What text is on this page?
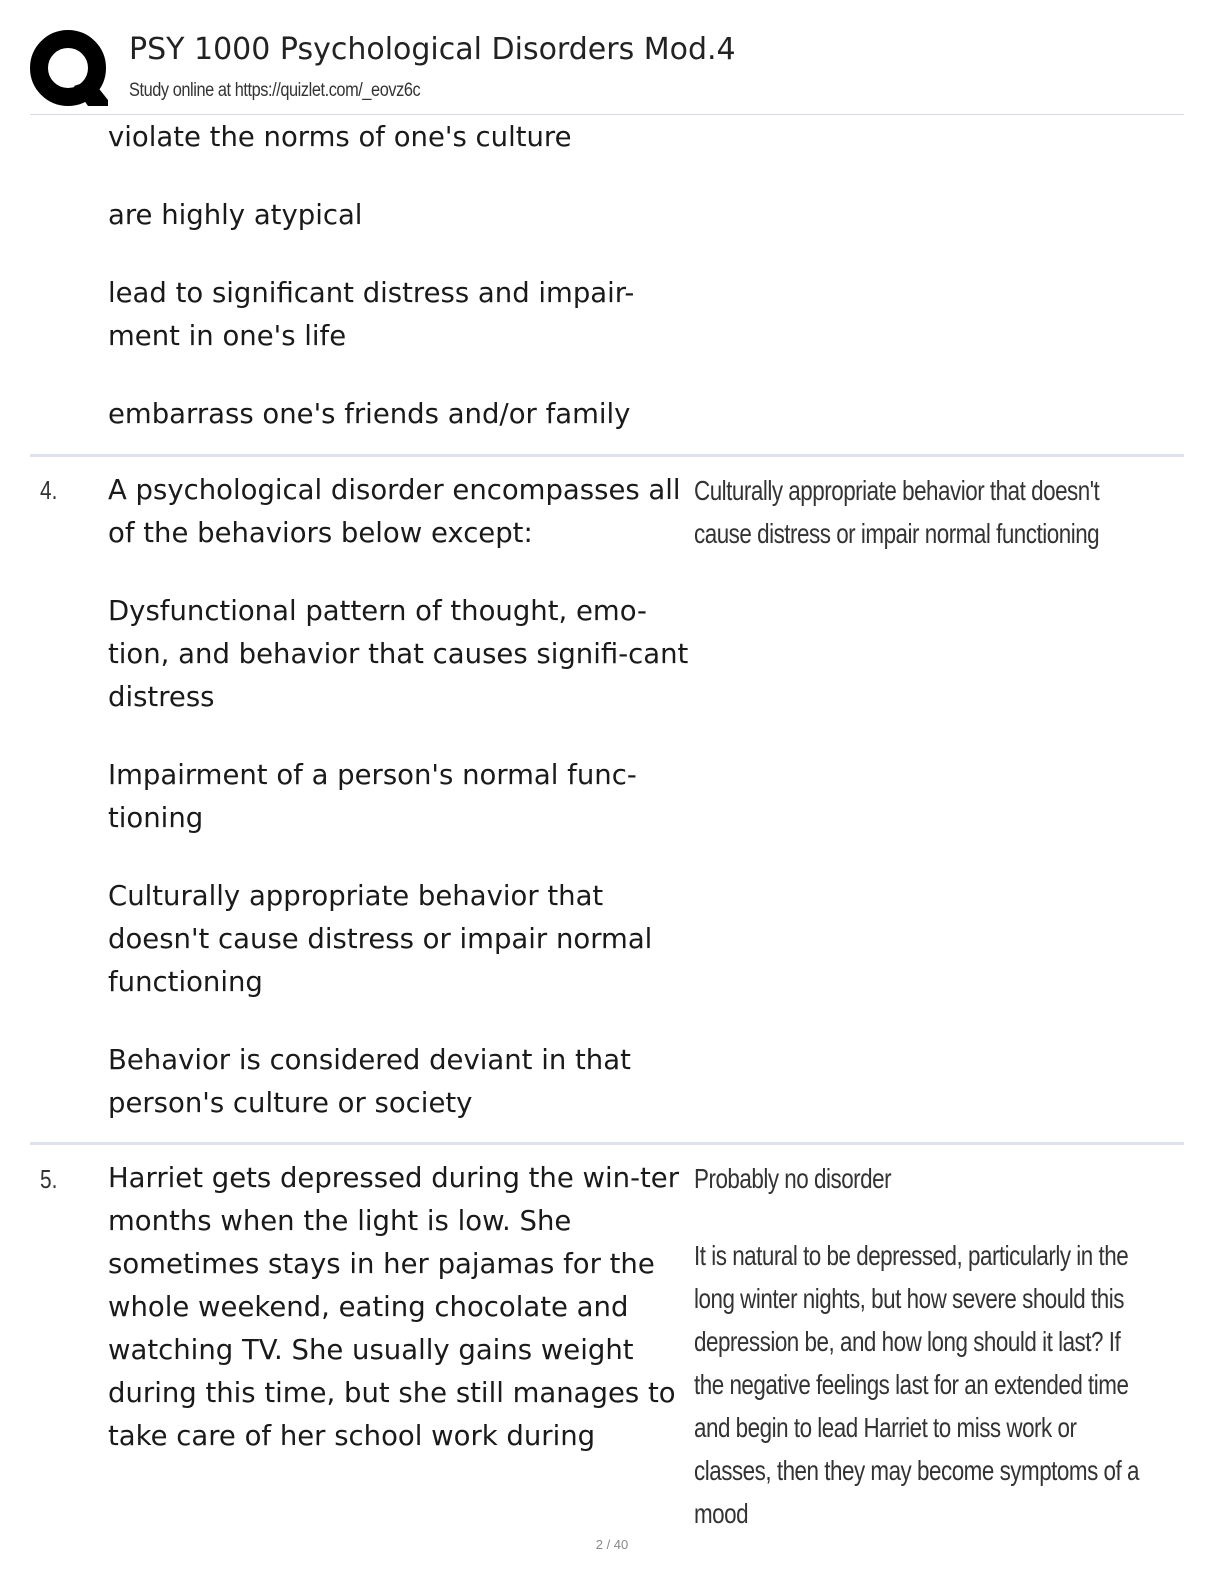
PSY 1000 Psychological Disorders Mod.4
Study online at https://quizlet.com/_eovz6c

violate the norms of one's culture

are highly atypical

lead to significant distress and impair-ment in one's life

embarrass one's friends and/or family

4. A psychological disorder encompasses all of the behaviors below except:

Dysfunctional pattern of thought, emo-tion, and behavior that causes signifi-cant distress

Impairment of a person's normal func-tioning

Culturally appropriate behavior that doesn't cause distress or impair normal functioning

Behavior is considered deviant in that person's culture or society

Culturally appropriate behavior that doesn't cause distress or impair normal functioning

5. Harriet gets depressed during the win-ter months when the light is low. She sometimes stays in her pajamas for the whole weekend, eating chocolate and watching TV. She usually gains weight during this time, but she still manages to take care of her school work during

Probably no disorder

It is natural to be depressed, particularly in the long winter nights, but how severe should this depression be, and how long should it last? If the negative feelings last for an extended time and begin to lead Harriet to miss work or classes, then they may become symptoms of a mood

2 / 40
